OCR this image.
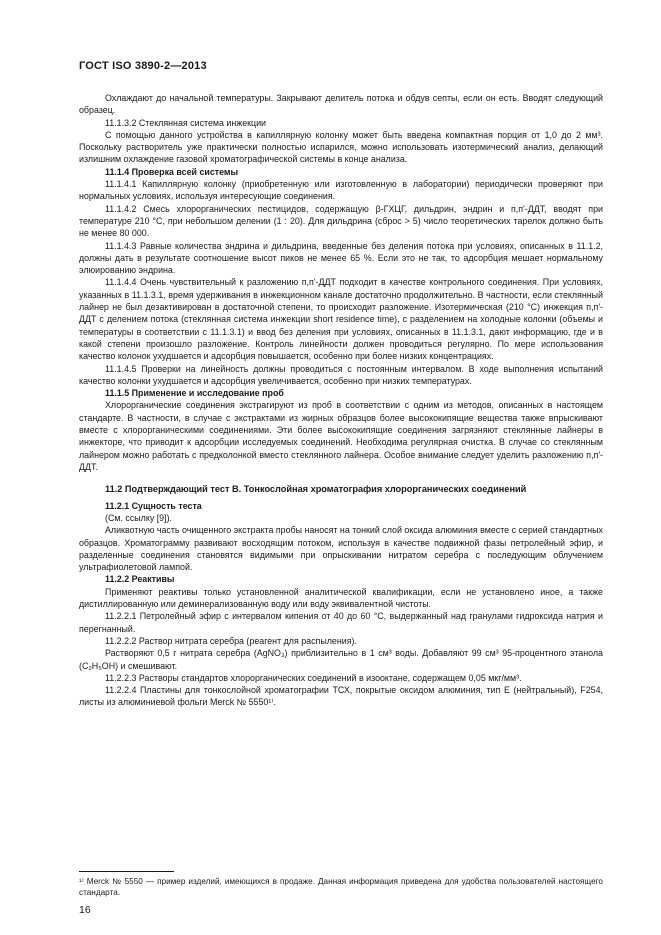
ГОСТ ISO 3890-2—2013

Охлаждают до начальной температуры. Закрывают делитель потока и обдув септы, если он есть. Вводят следующий образец.

11.1.3.2 Стеклянная система инжекции

С помощью данного устройства в капиллярную колонку может быть введена компактная порция от 1,0 до 2 мм³. Поскольку растворитель уже практически полностью испарился, можно использовать изотермический анализ, делающий излишним охлаждение газовой хроматографической системы в конце анализа.

11.1.4 Проверка всей системы

11.1.4.1 Капиллярную колонку (приобретенную или изготовленную в лаборатории) периодически проверяют при нормальных условиях, используя интересующие соединения.

11.1.4.2 Смесь хлорорганических пестицидов, содержащую β-ГХЦГ, дильдрин, эндрин и п,п'-ДДТ, вводят при температуре 210 °С, при небольшом делении (1 : 20). Для дильдрина (сброс > 5) число теоретических тарелок должно быть не менее 80 000.

11.1.4.3 Равные количества эндрина и дильдрина, введенные без деления потока при условиях, описанных в 11.1.2, должны дать в результате соотношение высот пиков не менее 65 %. Если это не так, то адсорбция мешает нормальному элюированию эндрина.

11.1.4.4 Очень чувствительный к разложению п,п'-ДДТ подходит в качестве контрольного соединения. При условиях, указанных в 11.1.3.1, время удерживания в инжекционном канале достаточно продолжительно. В частности, если стеклянный лайнер не был дезактивирован в достаточной степени, то происходит разложение. Изотермическая (210 °С) инжекция п,п'-ДДТ с делением потока (стеклянная система инжекции short residence time), с разделением на холодные колонки (объемы и температуры в соответствии с 11.1.3.1) и ввод без деления при условиях, описанных в 11.1.3.1, дают информацию, где и в какой степени произошло разложение. Контроль линейности должен проводиться регулярно. По мере использования качество колонок ухудшается и адсорбция повышается, особенно при более низких концентрациях.

11.1.4.5 Проверки на линейность должны проводиться с постоянным интервалом. В ходе выполнения испытаний качество колонки ухудшается и адсорбция увеличивается, особенно при низких температурах.

11.1.5 Применение и исследование проб

Хлорорганические соединения экстрагируют из проб в соответствии с одним из методов, описанных в настоящем стандарте. В частности, в случае с экстрактами из жирных образцов более высококипящие вещества также впрыскивают вместе с хлорорганическими соединениями. Эти более высококипящие соединения загрязняют стеклянные лайнеры в инжекторе, что приводит к адсорбции исследуемых соединений. Необходима регулярная очистка. В случае со стеклянным лайнером можно работать с предколонкой вместо стеклянного лайнера. Особое внимание следует уделить разложению п,п'-ДДТ.

11.2 Подтверждающий тест В. Тонкослойная хроматография хлорорганических соединений

11.2.1 Сущность теста

(См. ссылку [9]).

Аликвотную часть очищенного экстракта пробы наносят на тонкий слой оксида алюминия вместе с серией стандартных образцов. Хроматограмму развивают восходящим потоком, используя в качестве подвижной фазы петролейный эфир, и разделенные соединения становятся видимыми при опрыскивании нитратом серебра с последующим облучением ультрафиолетовой лампой.

11.2.2 Реактивы

Применяют реактивы только установленной аналитической квалификации, если не установлено иное, а также дистиллированную или деминерализованную воду или воду эквивалентной чистоты.

11.2.2.1 Петролейный эфир с интервалом кипения от 40 до 60 °С, выдержанный над гранулами гидроксида натрия и перегнанный.

11.2.2.2 Раствор нитрата серебра (реагент для распыления).

Растворяют 0,5 г нитрата серебра (AgNO₃) приблизительно в 1 см³ воды. Добавляют 99 см³ 95-процентного этанола (C₂H₅OH) и смешивают.

11.2.2.3 Растворы стандартов хлорорганических соединений в изооктане, содержащем 0,05 мкг/мм³.

11.2.2.4 Пластины для тонкослойной хроматографии ТСХ, покрытые оксидом алюминия, тип Е (нейтральный), F254, листы из алюминиевой фольги Merck № 5550¹⁾.

¹⁾ Merck № 5550 — пример изделий, имеющихся в продаже. Данная информация приведена для удобства пользователей настоящего стандарта.
16
